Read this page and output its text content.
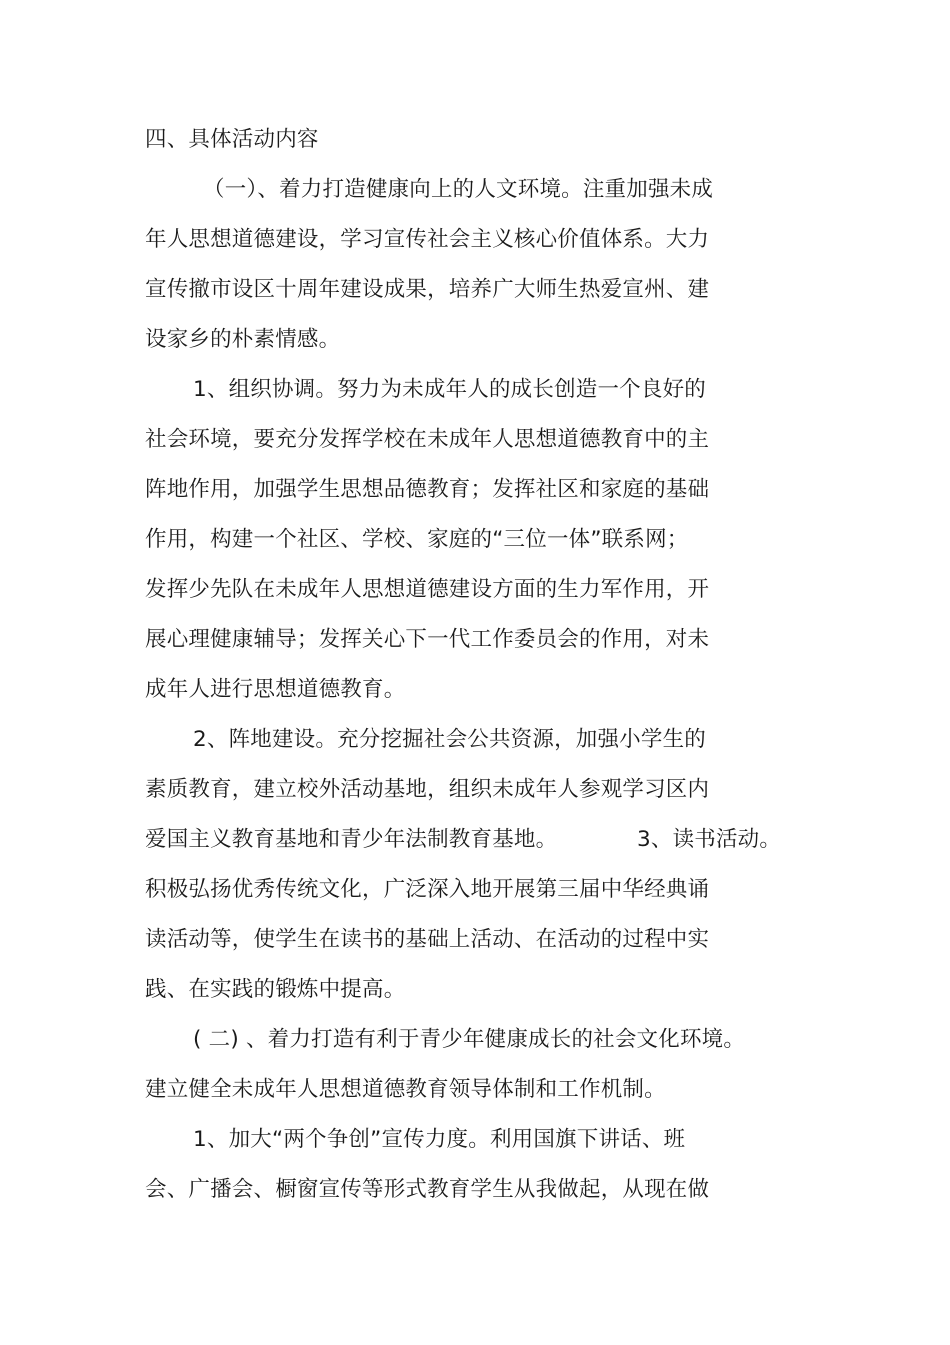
四、具体活动内容
（一）、着力打造健康向上的人文环境。注重加强未成
年人思想道德建设，学习宣传社会主义核心价值体系。大力
宣传撤市设区十周年建设成果，培养广大师生热爱宣州、建
设家乡的朴素情感。
1、组织协调。努力为未成年人的成长创造一个良好的
社会环境，要充分发挥学校在未成年人思想道德教育中的主
阵地作用，加强学生思想品德教育；发挥社区和家庭的基础
作用，构建一个社区、学校、家庭的“三位一体”联系网；
发挥少先队在未成年人思想道德建设方面的生力军作用，开
展心理健康辅导；发挥关心下一代工作委员会的作用，对未
成年人进行思想道德教育。
2、阵地建设。充分挖掘社会公共资源，加强小学生的
素质教育，建立校外活动基地，组织未成年人参观学习区内
爱国主义教育基地和青少年法制教育基地。	3、读书活动。
积极弘扬优秀传统文化，广泛深入地开展第三届中华经典诵
读活动等，使学生在读书的基础上活动、在活动的过程中实
践、在实践的锻炼中提高。
( 二) 、着力打造有利于青少年健康成长的社会文化环境。
建立健全未成年人思想道德教育领导体制和工作机制。
1、加大“两个争创”宣传力度。利用国旗下讲话、班
会、广播会、橱窗宣传等形式教育学生从我做起，从现在做
